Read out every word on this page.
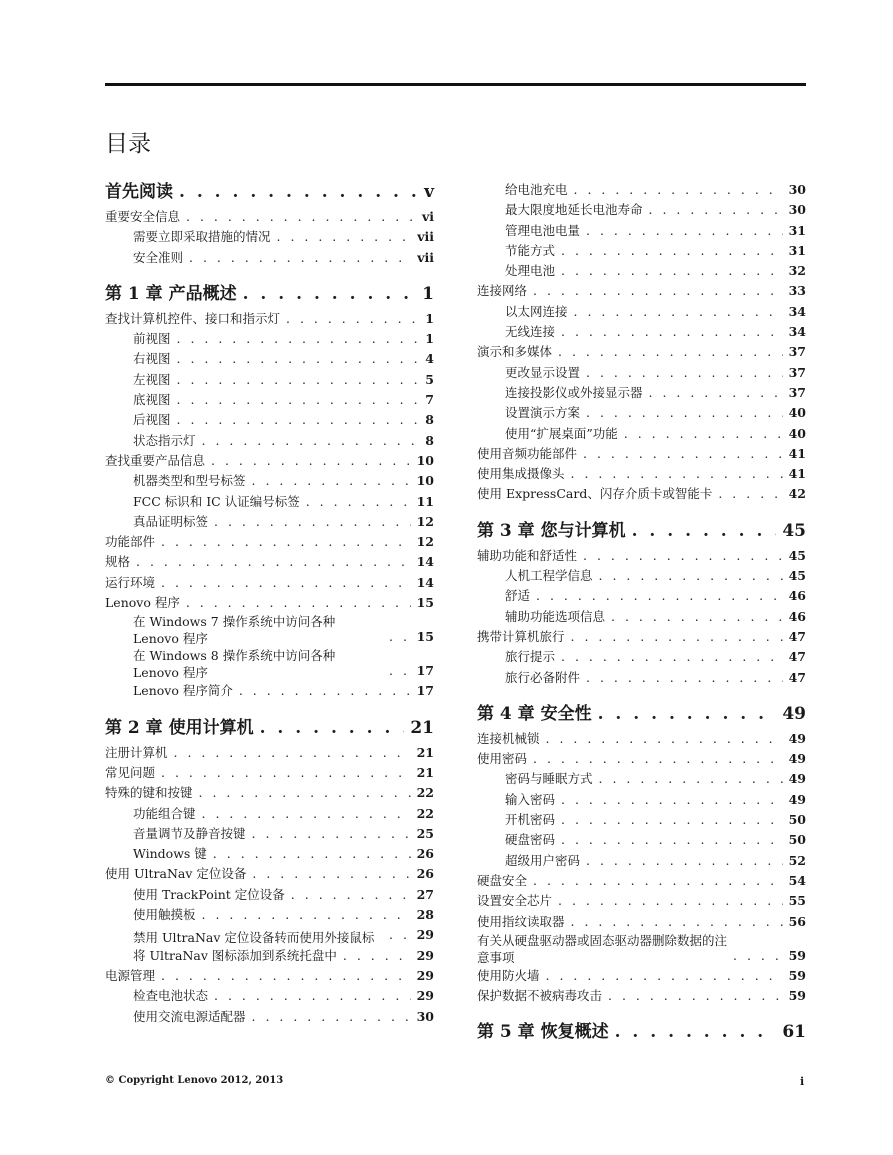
目录
首先阅读 . . .	v
重要安全信息 . . .	vi
需要立即采取措施的情况 . . .	vii
安全准则 . . .	vii
第 1 章 产品概述 . . .	1
查找计算机控件、接口和指示灯 . . .	1
前视图 . . .	1
右视图 . . .	4
左视图 . . .	5
底视图 . . .	7
后视图 . . .	8
状态指示灯 . . .	8
查找重要产品信息 . . .	10
机器类型和型号标签 . . .	10
FCC 标识和 IC 认证编号标签 . . .	11
真品证明标签 . . .	12
功能部件 . . .	12
规格 . . .	14
运行环境 . . .	14
Lenovo 程序 . . .	15
在 Windows 7 操作系统中访问各种 Lenovo 程序 . . .	15
在 Windows 8 操作系统中访问各种 Lenovo 程序 . . .	17
Lenovo 程序简介 . . .	17
第 2 章 使用计算机 . . .	21
注册计算机 . . .	21
常见问题 . . .	21
特殊的键和按键 . . .	22
功能组合键 . . .	22
音量调节及静音按键 . . .	25
Windows 键 . . .	26
使用 UltraNav 定位设备 . . .	26
使用 TrackPoint 定位设备 . . .	27
使用触摸板 . . .	28
禁用 UltraNav 定位设备转而使用外接鼠标 . . .	29
将 UltraNav 图标添加到系统托盘中 . . .	29
电源管理 . . .	29
检查电池状态 . . .	29
使用交流电源适配器 . . .	30
给电池充电 . . .	30
最大限度地延长电池寿命 . . .	30
管理电池电量 . . .	31
节能方式 . . .	31
处理电池 . . .	32
连接网络 . . .	33
以太网连接 . . .	34
无线连接 . . .	34
演示和多媒体 . . .	37
更改显示设置 . . .	37
连接投影仪或外接显示器 . . .	37
设置演示方案 . . .	40
使用“扩展桌面”功能 . . .	40
使用音频功能部件 . . .	41
使用集成摄像头 . . .	41
使用 ExpressCard、闪存介质卡或智能卡 . . .	42
第 3 章 您与计算机 . . .	45
辅助功能和舒适性 . . .	45
人机工程学信息 . . .	45
舒适 . . .	46
辅助功能选项信息 . . .	46
携带计算机旅行 . . .	47
旅行提示 . . .	47
旅行必备附件 . . .	47
第 4 章 安全性 . . .	49
连接机械锁 . . .	49
使用密码 . . .	49
密码与睡眠方式 . . .	49
输入密码 . . .	49
开机密码 . . .	50
硬盘密码 . . .	50
超级用户密码 . . .	52
硬盘安全 . . .	54
设置安全芯片 . . .	55
使用指纹读取器 . . .	56
有关从硬盘驱动器或固态驱动器删除数据的注意事项 . . .	59
使用防火墙 . . .	59
保护数据不被病毒攻击 . . .	59
第 5 章 恢复概述 . . .	61
© Copyright Lenovo 2012, 2013	i
